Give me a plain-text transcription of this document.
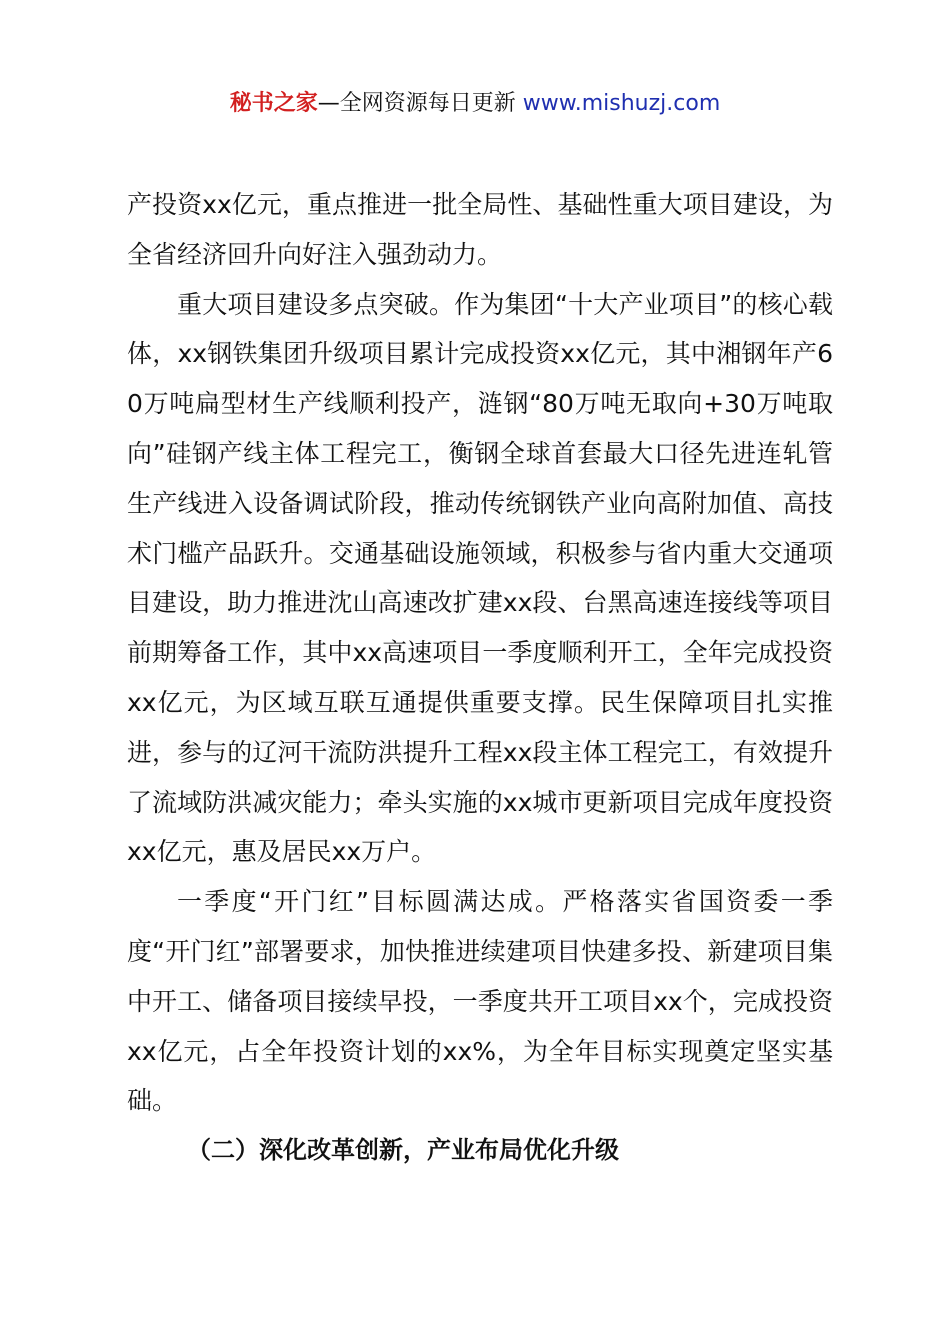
秘书之家—全网资源每日更新 www.mishuzj.com

产投资xx亿元，重点推进一批全局性、基础性重大项目建设，为全省经济回升向好注入强劲动力。

重大项目建设多点突破。作为集团“十大产业项目”的核心载体，xx钢铁集团升级项目累计完成投资xx亿元，其中湘钢年产60万吨扁型材生产线顺利投产，涟钢“80万吨无取向+30万吨取向”硅钢产线主体工程完工，衡钢全球首套最大口径先进连轧管生产线进入设备调试阶段，推动传统钢铁产业向高附加值、高技术门槛产品跃升。交通基础设施领域，积极参与省内重大交通项目建设，助力推进沈山高速改扩建xx段、台黑高速连接线等项目前期筹备工作，其中xx高速项目一季度顺利开工，全年完成投资xx亿元，为区域互联互通提供重要支撑。民生保障项目扎实推进，参与的辽河干流防洪提升工程xx段主体工程完工，有效提升了流域防洪减灾能力；牵头实施的xx城市更新项目完成年度投资xx亿元，惠及居民xx万户。

一季度“开门红”目标圆满达成。严格落实省国资委一季度“开门红”部署要求，加快推进续建项目快建多投、新建项目集中开工、储备项目接续早投，一季度共开工项目xx个，完成投资xx亿元，占全年投资计划的xx%，为全年目标实现奠定坚实基础。

（二）深化改革创新，产业布局优化升级
